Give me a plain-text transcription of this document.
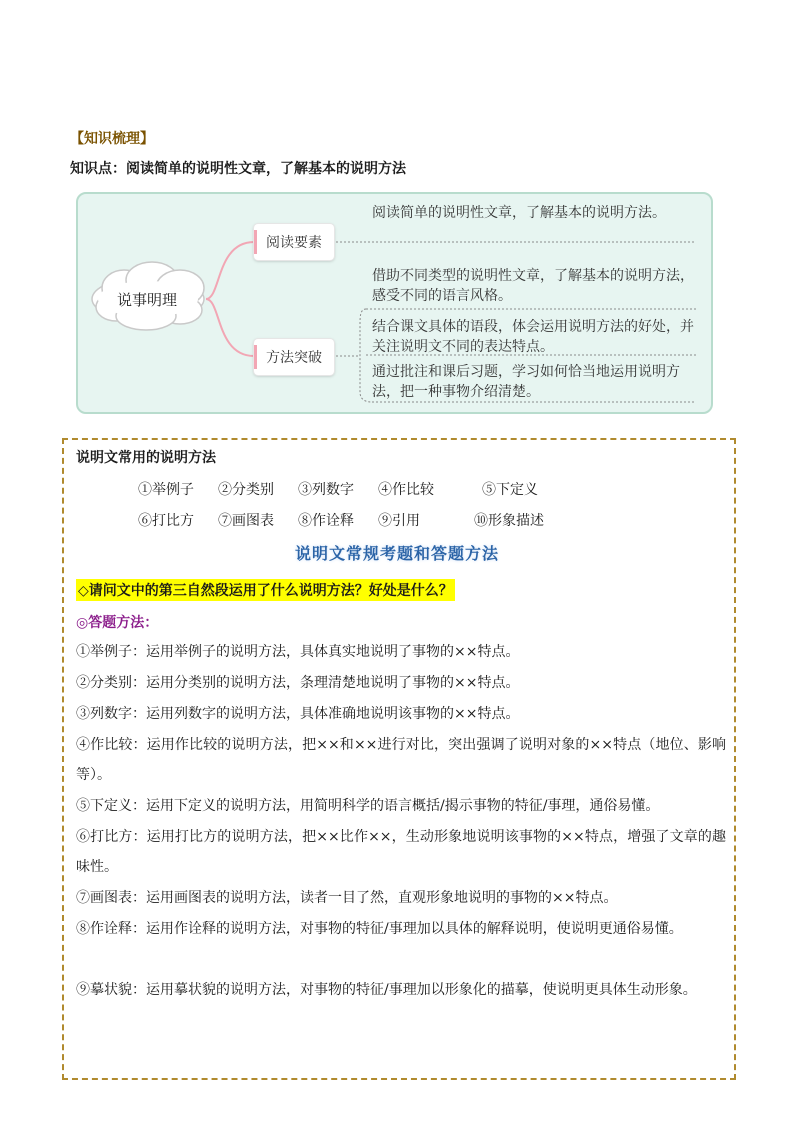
【知识梳理】
知识点：阅读简单的说明性文章，了解基本的说明方法
说事明理
阅读要素
方法突破
阅读简单的说明性文章，了解基本的说明方法。
借助不同类型的说明性文章，了解基本的说明方法，感受不同的语言风格。
结合课文具体的语段，体会运用说明方法的好处，并关注说明文不同的表达特点。
通过批注和课后习题，学习如何恰当地运用说明方法，把一种事物介绍清楚。
说明文常用的说明方法
①举例子 ②分类别 ③列数字 ④作比较	⑤下定义
⑥打比方 ⑦画图表 ⑧作诠释 ⑨引用	⑩形象描述
说明文常规考题和答题方法
◇请问文中的第三自然段运用了什么说明方法？好处是什么？
◎答题方法：
①举例子：运用举例子的说明方法，具体真实地说明了事物的××特点。
②分类别：运用分类别的说明方法，条理清楚地说明了事物的××特点。
③列数字：运用列数字的说明方法，具体准确地说明该事物的××特点。
④作比较：运用作比较的说明方法，把××和××进行对比，突出强调了说明对象的××特点（地位、影响等）。
⑤下定义：运用下定义的说明方法，用简明科学的语言概括/揭示事物的特征/事理，通俗易懂。
⑥打比方：运用打比方的说明方法，把××比作××，生动形象地说明该事物的××特点，增强了文章的趣味性。
⑦画图表：运用画图表的说明方法，读者一目了然，直观形象地说明的事物的××特点。
⑧作诠释：运用作诠释的说明方法，对事物的特征/事理加以具体的解释说明，使说明更通俗易懂。
⑨摹状貌：运用摹状貌的说明方法，对事物的特征/事理加以形象化的描摹，使说明更具体生动形象。
